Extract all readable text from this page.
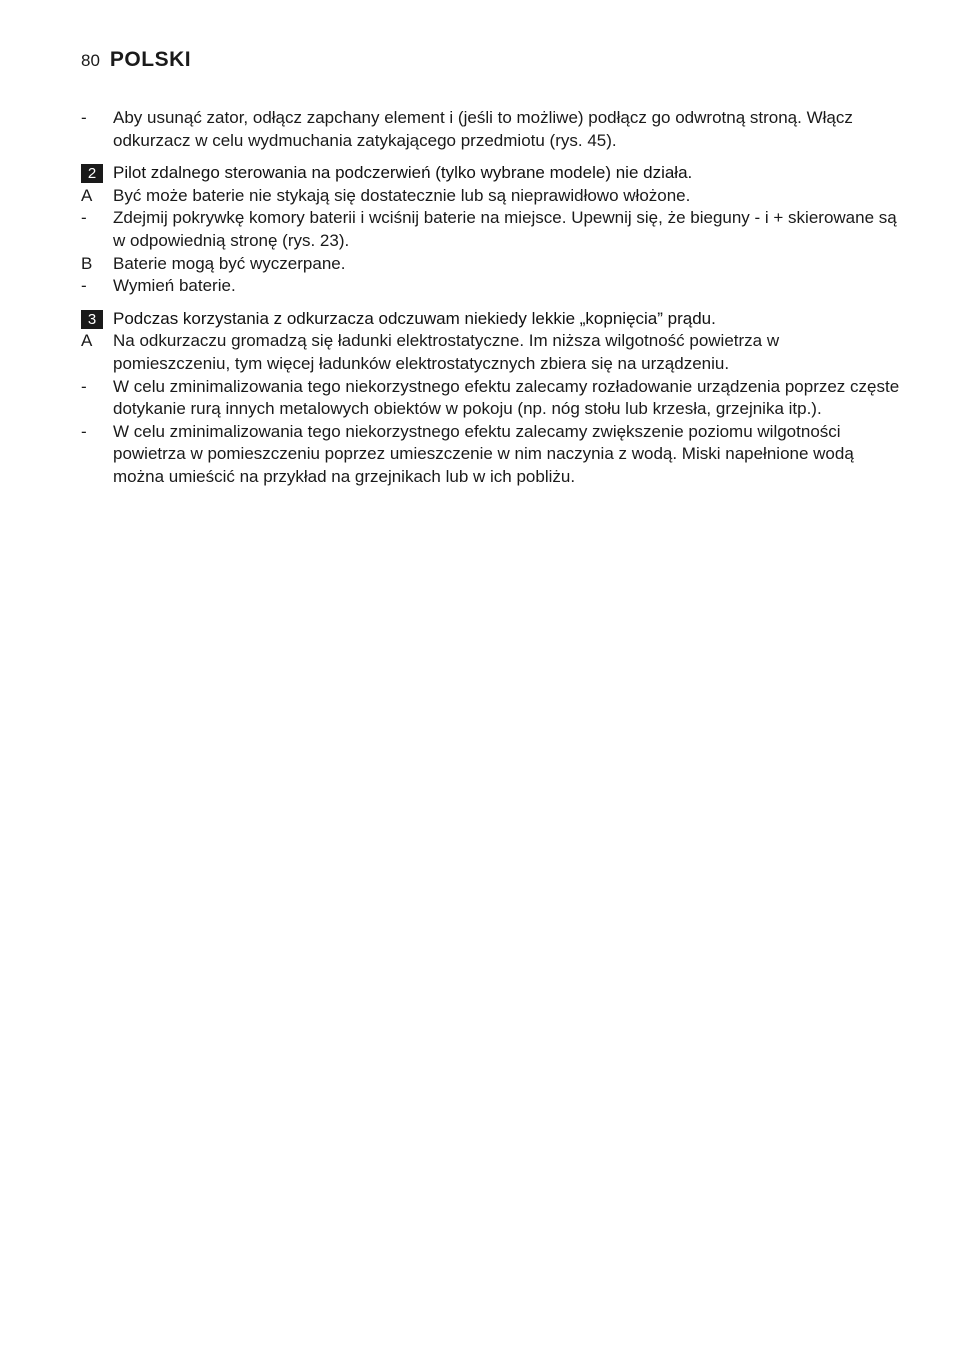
80 POLSKI
-	Aby usunąć zator, odłącz zapchany element i (jeśli to możliwe) podłącz go odwrotną stroną. Włącz odkurzacz w celu wydmuchania zatykającego przedmiotu (rys. 45).
2 Pilot zdalnego sterowania na podczerwień (tylko wybrane modele) nie działa.
A	Być może baterie nie stykają się dostatecznie lub są nieprawidłowo włożone.
-	Zdejmij pokrywkę komory baterii i wciśnij baterie na miejsce. Upewnij się, że bieguny - i + skierowane są w odpowiednią stronę (rys. 23).
B	Baterie mogą być wyczerpane.
-	Wymień baterie.
3 Podczas korzystania z odkurzacza odczuwam niekiedy lekkie „kopnięcia” prądu.
A	Na odkurzaczu gromadzą się ładunki elektrostatyczne. Im niższa wilgotność powietrza w pomieszczeniu, tym więcej ładunków elektrostatycznych zbiera się na urządzeniu.
-	W celu zminimalizowania tego niekorzystnego efektu zalecamy rozładowanie urządzenia poprzez częste dotykanie rurą innych metalowych obiektów w pokoju (np. nóg stołu lub krzesła, grzejnika itp.).
-	W celu zminimalizowania tego niekorzystnego efektu zalecamy zwiększenie poziomu wilgotności powietrza w pomieszczeniu poprzez umieszczenie w nim naczynia z wodą. Miski napełnione wodą można umieścić na przykład na grzejnikach lub w ich pobliżu.
